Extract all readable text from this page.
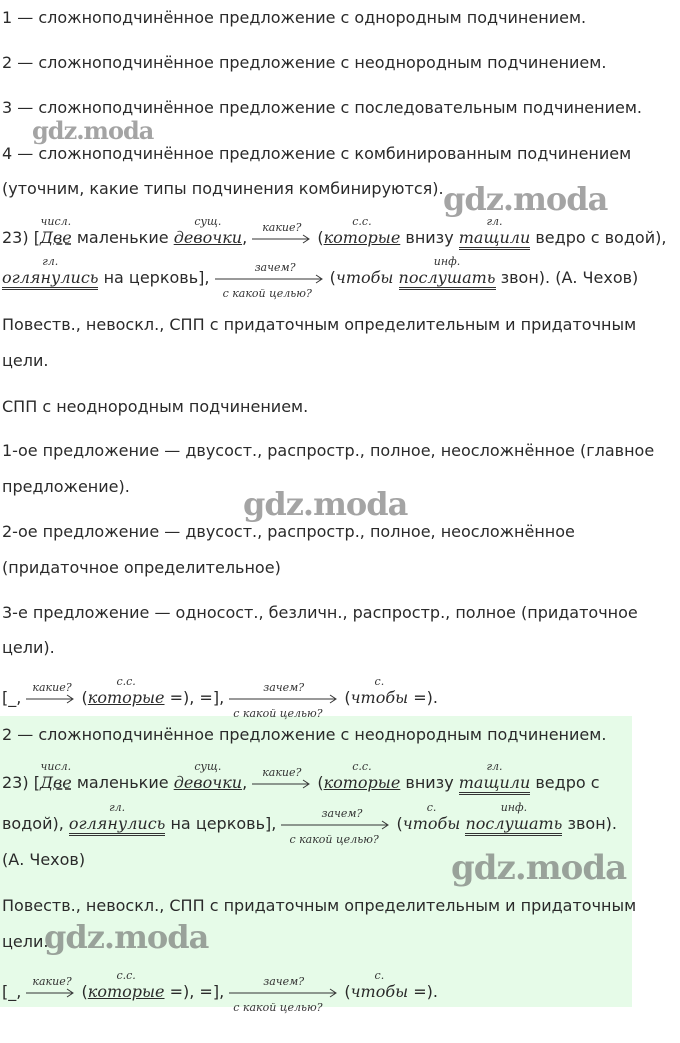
1 — сложноподчинённое предложение с однородным подчинением.
2 — сложноподчинённое предложение с неоднородным подчинением.
3 — сложноподчинённое предложение с последовательным подчинением.
4 — сложноподчинённое предложение с комбинированным подчинением
(уточним, какие типы подчинения комбинируются).
23) [
числ.
Две маленькие
сущ.
девочки,
какие?
(
с.с.
которые внизу
гл.
тащили ведро с водой),
гл.
оглянулись на церковь],
зачем?
с какой целью?
(чтобы
инф.
послушать звон). (А. Чехов)
Повеств., невоскл., СПП с придаточным определительным и придаточным
цели.
СПП с неоднородным подчинением.
1-ое предложение — двусост., распростр., полное, неосложнённое (главное
предложение).
2-ое предложение — двусост., распростр., полное, неосложнённое
(придаточное определительное)
3-е предложение — односост., безличн., распростр., полное (придаточное
цели).
[_,
какие?
(
с.с.
которые =), =],
зачем?
с какой целью?
(
с.
чтобы =).
2 — сложноподчинённое предложение с неоднородным подчинением.
23) [
числ.
Две маленькие
сущ.
девочки,
какие?
(
с.с.
которые внизу
гл.
тащили ведро с
водой),
гл.
оглянулись на церковь],
зачем?
с какой целью?
(
с.
чтобы
инф.
послушать звон).
(А. Чехов)
Повеств., невоскл., СПП с придаточным определительным и придаточным
цели.
[_,
какие?
(
с.с.
которые =), =],
зачем?
с какой целью?
(
с.
чтобы =).
gdz.moda
gdz.moda
gdz.moda
gdz.moda
gdz.moda
